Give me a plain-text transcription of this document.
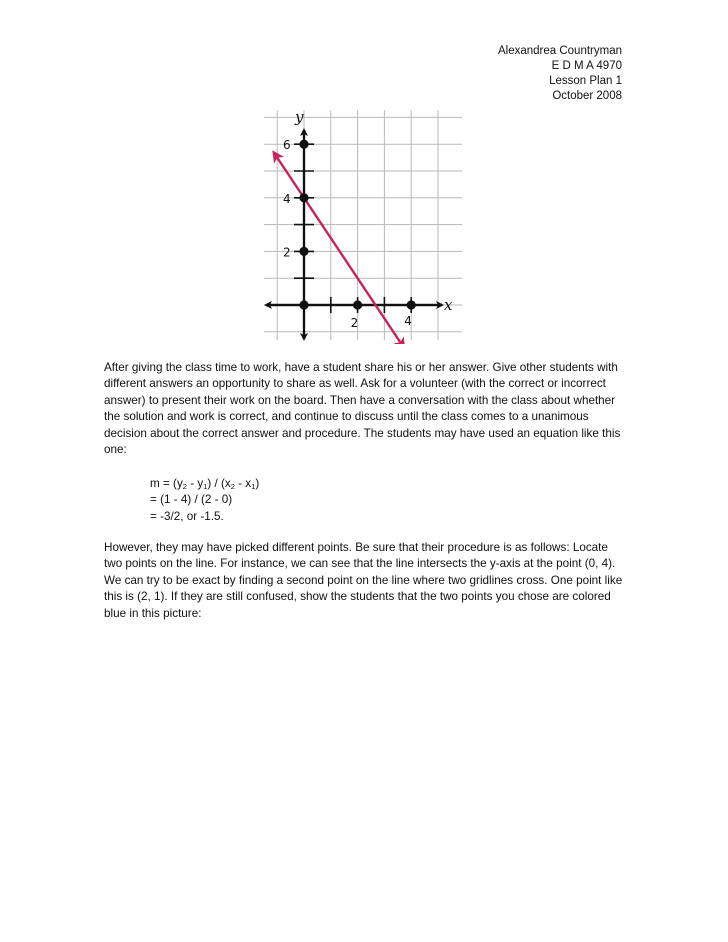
Alexandrea Countryman
E D M A 4970
Lesson Plan 1
October 2008
y
x
2
4
6
2	4

After giving the class time to work, have a student share his or her answer. Give other students with different answers an opportunity to share as well. Ask for a volunteer (with the correct or incorrect answer) to present their work on the board. Then have a conversation with the class about whether the solution and work is correct, and continue to discuss until the class comes to a unanimous decision about the correct answer and procedure. The students may have used an equation like this one:

$m = (y_2 - y_1) / (x_2 - x_1)$
= (1 - 4) / (2 - 0)
= -3/2, or -1.5.

However, they may have picked different points. Be sure that their procedure is as follows: Locate two points on the line. For instance, we can see that the line intersects the y-axis at the point (0, 4). We can try to be exact by finding a second point on the line where two gridlines cross. One point like this is (2, 1). If they are still confused, show the students that the two points you chose are colored blue in this picture:
